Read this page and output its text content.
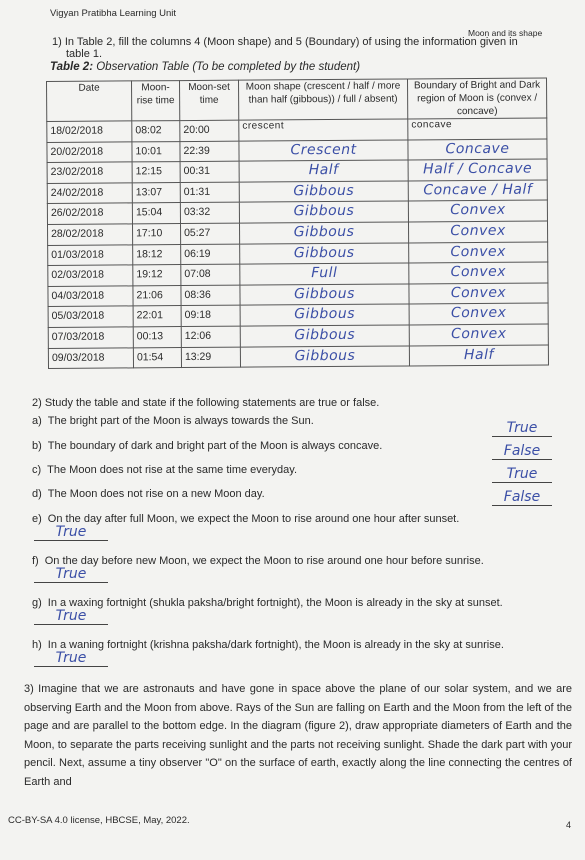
Vigyan Pratibha Learning Unit
Moon and its shape
1) In Table 2, fill the columns 4 (Moon shape) and 5 (Boundary) of using the information given in
table 1.
Table 2: Observation Table (To be completed by the student)
Date	Moon-rise time	Moon-set time	Moon shape (crescent / half / more than half (gibbous)) / full / absent)	Boundary of Bright and Dark region of Moon is (convex / concave)
18/02/2018	08:02	20:00	crescent	concave

20/02/2018	10:01	22:39	Crescent	Concave
23/02/2018	12:15	00:31	Half	Half / Concave
24/02/2018	13:07	01:31	Gibbous	Concave / Half
26/02/2018	15:04	03:32	Gibbous	Convex
28/02/2018	17:10	05:27	Gibbous	Convex
01/03/2018	18:12	06:19	Gibbous	Convex
02/03/2018	19:12	07:08	Full	Convex
04/03/2018	21:06	08:36	Gibbous	Convex
05/03/2018	22:01	09:18	Gibbous	Convex
07/03/2018	00:13	12:06	Gibbous	Convex
09/03/2018	01:54	13:29	Gibbous	Half
2) Study the table and state if the following statements are true or false.
a) The bright part of the Moon is always towards the Sun.	True
b) The boundary of dark and bright part of the Moon is always concave.	False
c) The Moon does not rise at the same time everyday.	True
d) The Moon does not rise on a new Moon day.	False
e) On the day after full Moon, we expect the Moon to rise around one hour after sunset.
True
f) On the day before new Moon, we expect the Moon to rise around one hour before sunrise.
True
g) In a waxing fortnight (shukla paksha/bright fortnight), the Moon is already in the sky at sunset.
True
h) In a waning fortnight (krishna paksha/dark fortnight), the Moon is already in the sky at sunrise.
True
3) Imagine that we are astronauts and have gone in space above the plane of our solar system, and we are observing Earth and the Moon from above. Rays of the Sun are falling on Earth and the Moon from the left of the page and are parallel to the bottom edge. In the diagram (figure 2), draw appropriate diameters of Earth and the Moon, to separate the parts receiving sunlight and the parts not receiving sunlight. Shade the dark part with your pencil. Next, assume a tiny observer "O" on the surface of earth, exactly along the line connecting the centres of Earth and
CC-BY-SA 4.0 license, HBCSE, May, 2022.	4
